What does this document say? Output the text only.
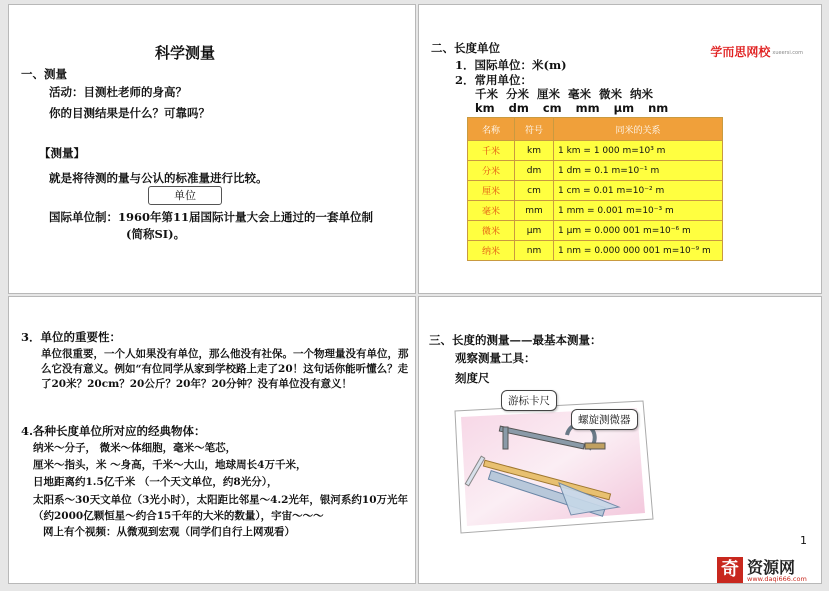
科学测量
一、测量
活动：目测杜老师的身高？
你的目测结果是什么？可靠吗？
【测量】
就是将待测的量与公认的标准量进行比较。
单位
国际单位制：1960年第11届国际计量大会上通过的一套单位制
(简称SI)。
二、长度单位	学而思网校 xueersi.com
1．国际单位：米(m)
2．常用单位：
千米 分米 厘米 毫米 微米 纳米
km dm cm mm μm nm
名称	符号	同米的关系
千米	km	1 km = 1 000 m=10³ m
分米	dm	1 dm = 0.1 m=10⁻¹ m
厘米	cm	1 cm = 0.01 m=10⁻² m
毫米	mm	1 mm = 0.001 m=10⁻³ m
微米	μm	1 μm = 0.000 001 m=10⁻⁶ m
纳米	nm	1 nm = 0.000 000 001 m=10⁻⁹ m
3．单位的重要性：
单位很重要，一个人如果没有单位，那么他没有社保。一个物理量没有单位，那么它没有意义。例如“有位同学从家到学校路上走了20！这句话你能听懂么？走了20米？20cm？20公斤？20年？20分钟？没有单位没有意义！
4.各种长度单位所对应的经典物体：
纳米～分子， 微米～体细胞，毫米～笔芯，
厘米～指头，米 ～身高，千米～大山，地球周长4万千米，
日地距离约1.5亿千米 （一个天文单位，约8光分），
太阳系～30天文单位（3光小时），太阳距比邻星～4.2光年，银河系约10万光年（约2000亿颗恒星～约合15千年的大米的数量），宇宙～～～
网上有个视频：从微观到宏观（同学们自行上网观看）
三、长度的测量——最基本测量：
观察测量工具：
刻度尺
游标卡尺
螺旋测微器
1
奇 资源网
www.daqi666.com
